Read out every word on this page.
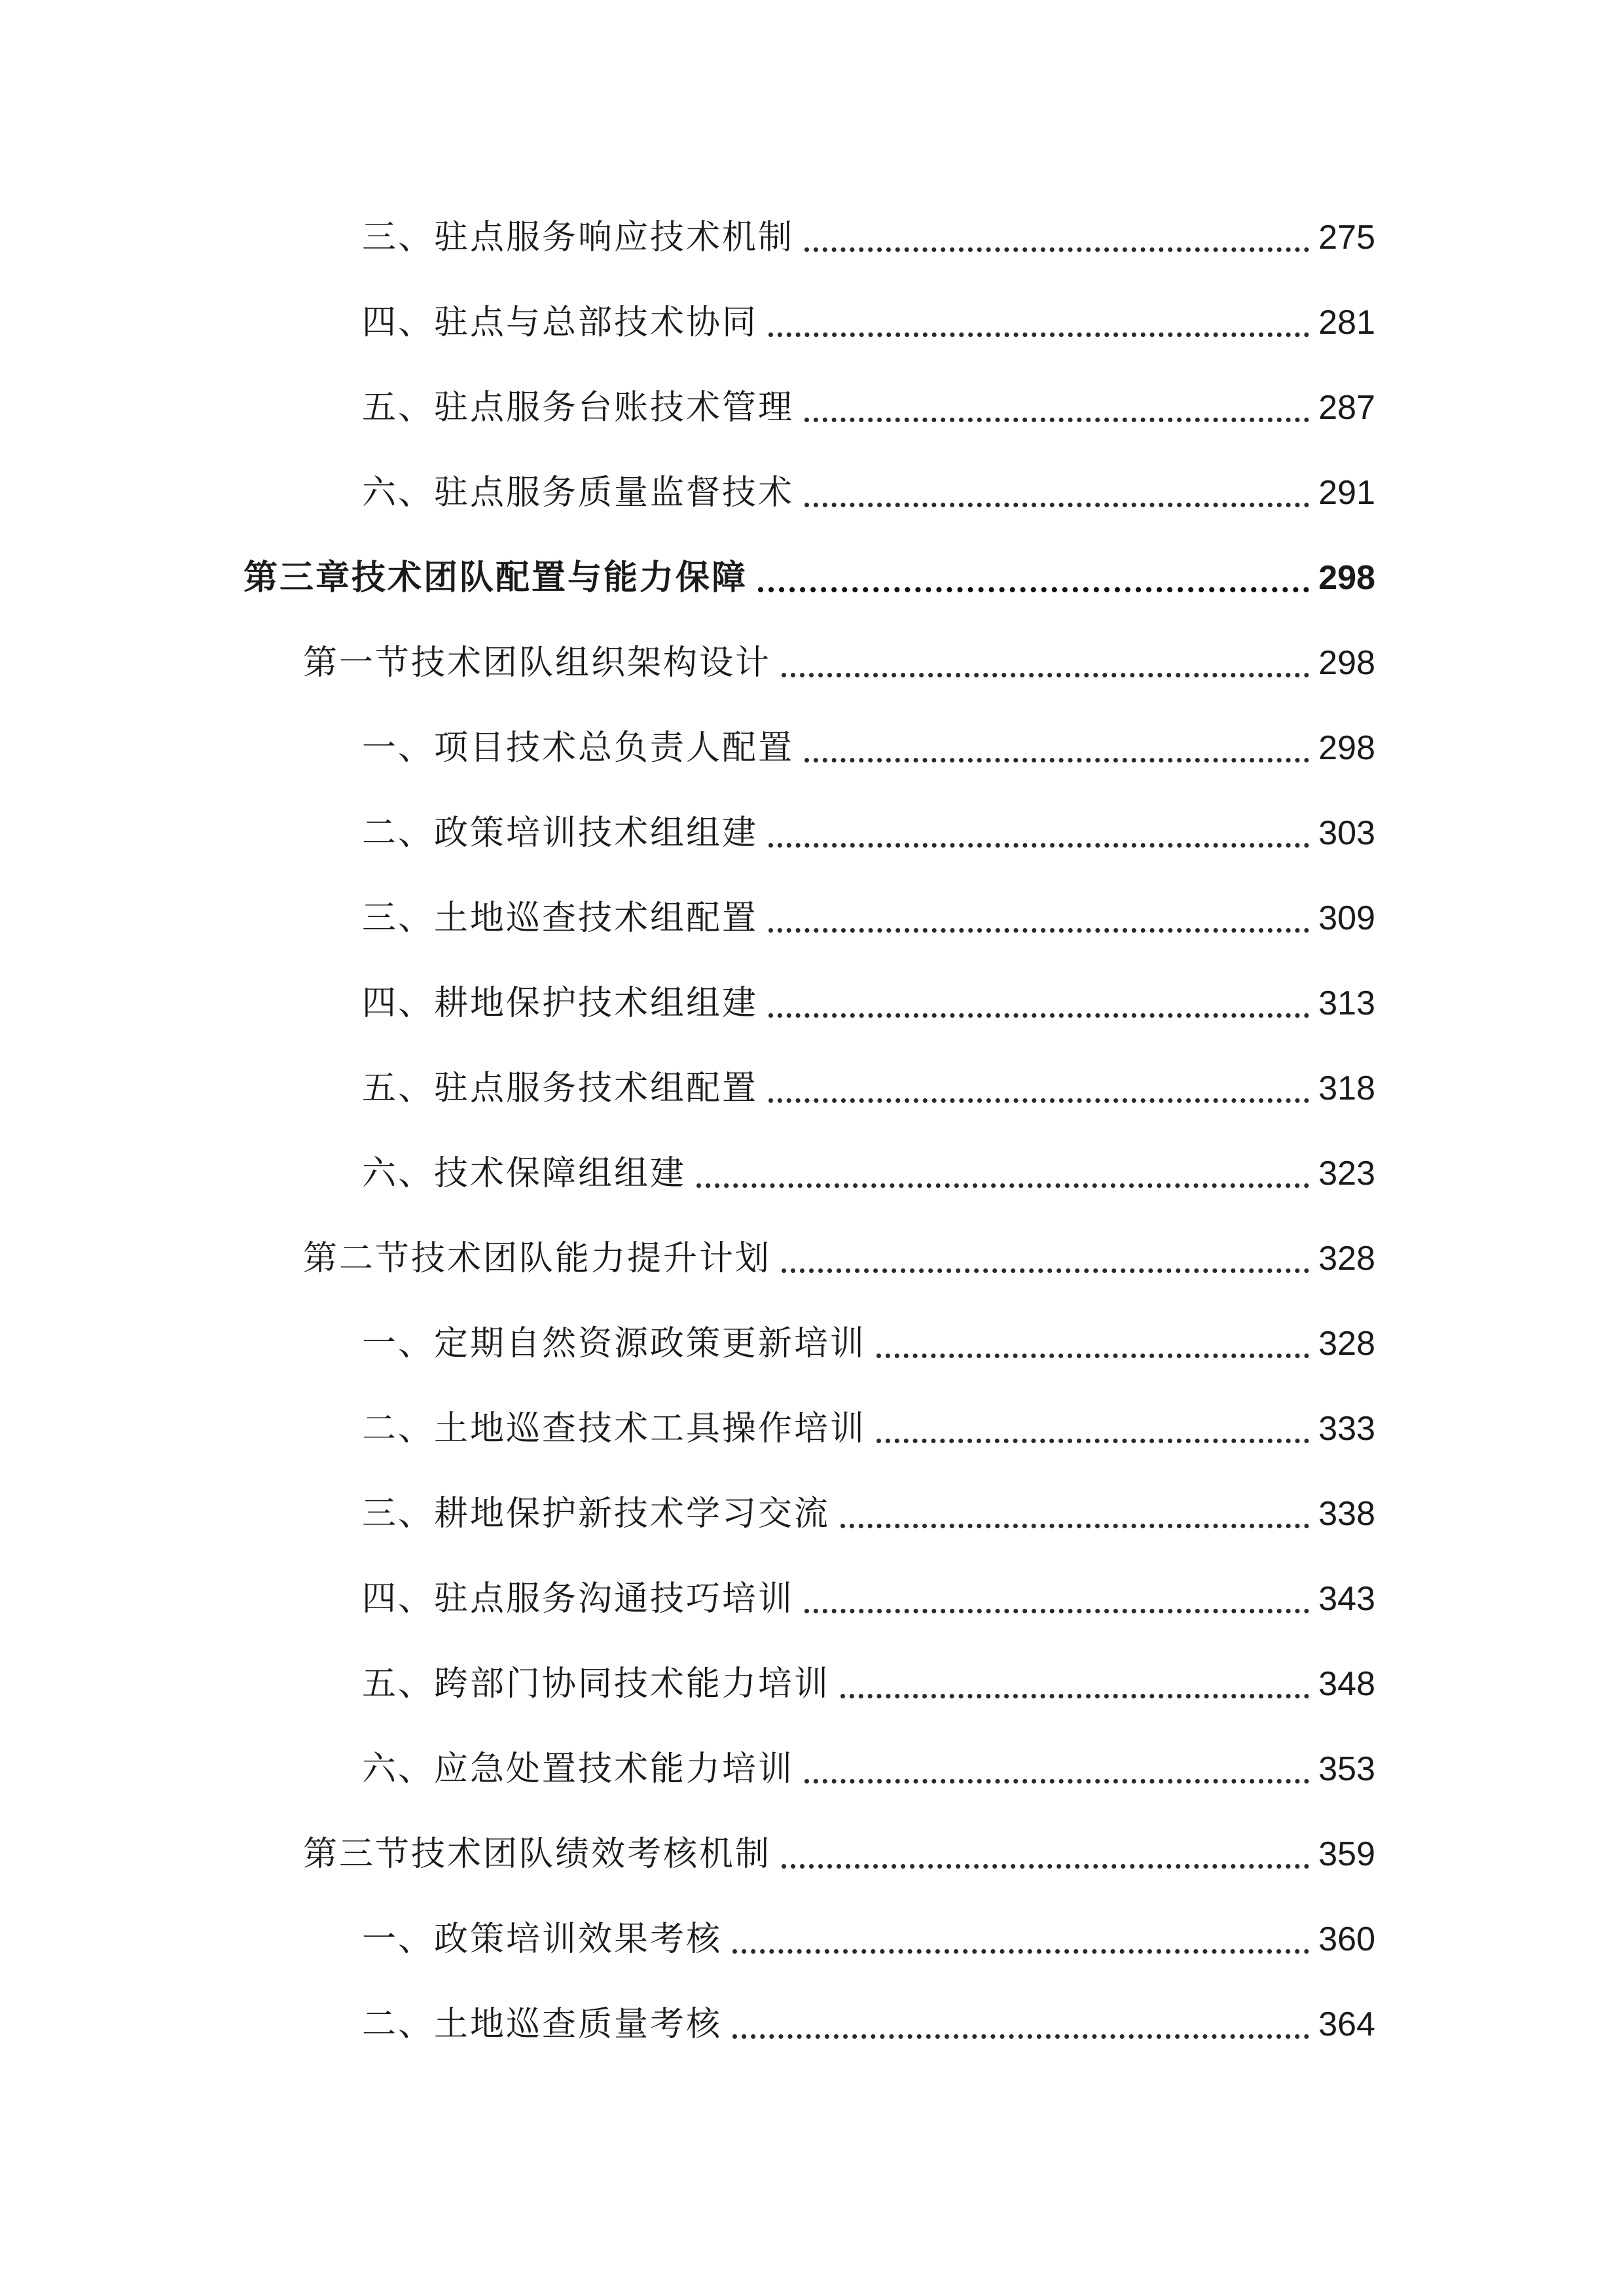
三、驻点服务响应技术机制	275
四、驻点与总部技术协同	281
五、驻点服务台账技术管理	287
六、驻点服务质量监督技术	291
第三章技术团队配置与能力保障	298
第一节技术团队组织架构设计	298
一、项目技术总负责人配置	298
二、政策培训技术组组建	303
三、土地巡查技术组配置	309
四、耕地保护技术组组建	313
五、驻点服务技术组配置	318
六、技术保障组组建	323
第二节技术团队能力提升计划	328
一、定期自然资源政策更新培训	328
二、土地巡查技术工具操作培训	333
三、耕地保护新技术学习交流	338
四、驻点服务沟通技巧培训	343
五、跨部门协同技术能力培训	348
六、应急处置技术能力培训	353
第三节技术团队绩效考核机制	359
一、政策培训效果考核	360
二、土地巡查质量考核	364
